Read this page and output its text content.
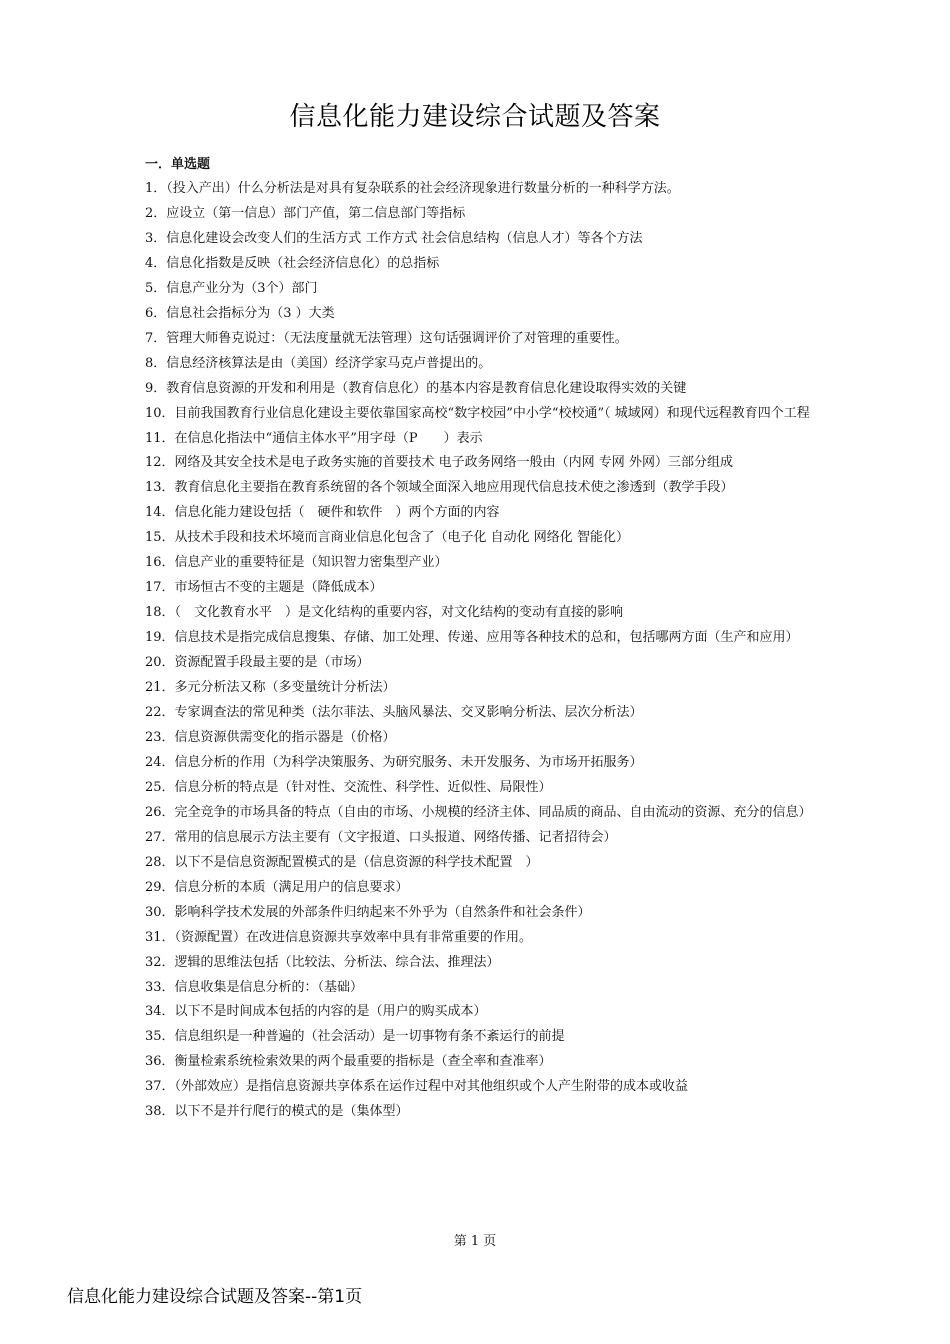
信息化能力建设综合试题及答案
一．单选题
1．（投入产出）什么分析法是对具有复杂联系的社会经济现象进行数量分析的一种科学方法。
2．应设立（第一信息）部门产值，第二信息部门等指标
3．信息化建设会改变人们的生活方式 工作方式 社会信息结构（信息人才）等各个方法
4．信息化指数是反映（社会经济信息化）的总指标
5．信息产业分为（3个）部门
6．信息社会指标分为（3 ）大类
7．管理大师鲁克说过：（无法度量就无法管理）这句话强调评价了对管理的重要性。
8．信息经济核算法是由（美国）经济学家马克卢普提出的。
9．教育信息资源的开发和利用是（教育信息化）的基本内容是教育信息化建设取得实效的关键
10．目前我国教育行业信息化建设主要依靠国家高校“数字校园”中小学“校校通”（ 城域网）和现代远程教育四个工程
11．在信息化指法中“通信主体水平”用字母（P　　）表示
12．网络及其安全技术是电子政务实施的首要技术 电子政务网络一般由（内网 专网 外网）三部分组成
13．教育信息化主要指在教育系统留的各个领域全面深入地应用现代信息技术使之渗透到（教学手段）
14．信息化能力建设包括（　硬件和软件　）两个方面的内容
15．从技术手段和技术坏境而言商业信息化包含了（电子化 自动化 网络化 智能化）
16．信息产业的重要特征是（知识智力密集型产业）
17．市场恒古不变的主题是（降低成本）
18．（　文化教育水平　）是文化结构的重要内容，对文化结构的变动有直接的影响
19．信息技术是指完成信息搜集、存储、加工处理、传递、应用等各种技术的总和，包括哪两方面（生产和应用）
20．资源配置手段最主要的是（市场）
21．多元分析法又称（多变量统计分析法）
22．专家调查法的常见种类（法尔菲法、头脑风暴法、交叉影响分析法、层次分析法）
23．信息资源供需变化的指示器是（价格）
24．信息分析的作用（为科学决策服务、为研究服务、未开发服务、为市场开拓服务）
25．信息分析的特点是（针对性、交流性、科学性、近似性、局限性）
26．完全竞争的市场具备的特点（自由的市场、小规模的经济主体、同品质的商品、自由流动的资源、充分的信息）
27．常用的信息展示方法主要有（文字报道、口头报道、网络传播、记者招待会）
28．以下不是信息资源配置模式的是（信息资源的科学技术配置　）
29．信息分析的本质（满足用户的信息要求）
30．影响科学技术发展的外部条件归纳起来不外乎为（自然条件和社会条件）
31．（资源配置）在改进信息资源共享效率中具有非常重要的作用。
32．逻辑的思维法包括（比较法、分析法、综合法、推理法）
33．信息收集是信息分析的：（基础）
34．以下不是时间成本包括的内容的是（用户的购买成本）
35．信息组织是一种普遍的（社会活动）是一切事物有条不紊运行的前提
36．衡量检索系统检索效果的两个最重要的指标是（查全率和查准率）
37．（外部效应）是指信息资源共享体系在运作过程中对其他组织或个人产生附带的成本或收益
38．以下不是并行爬行的模式的是（集体型）
第 1 页
信息化能力建设综合试题及答案--第1页
